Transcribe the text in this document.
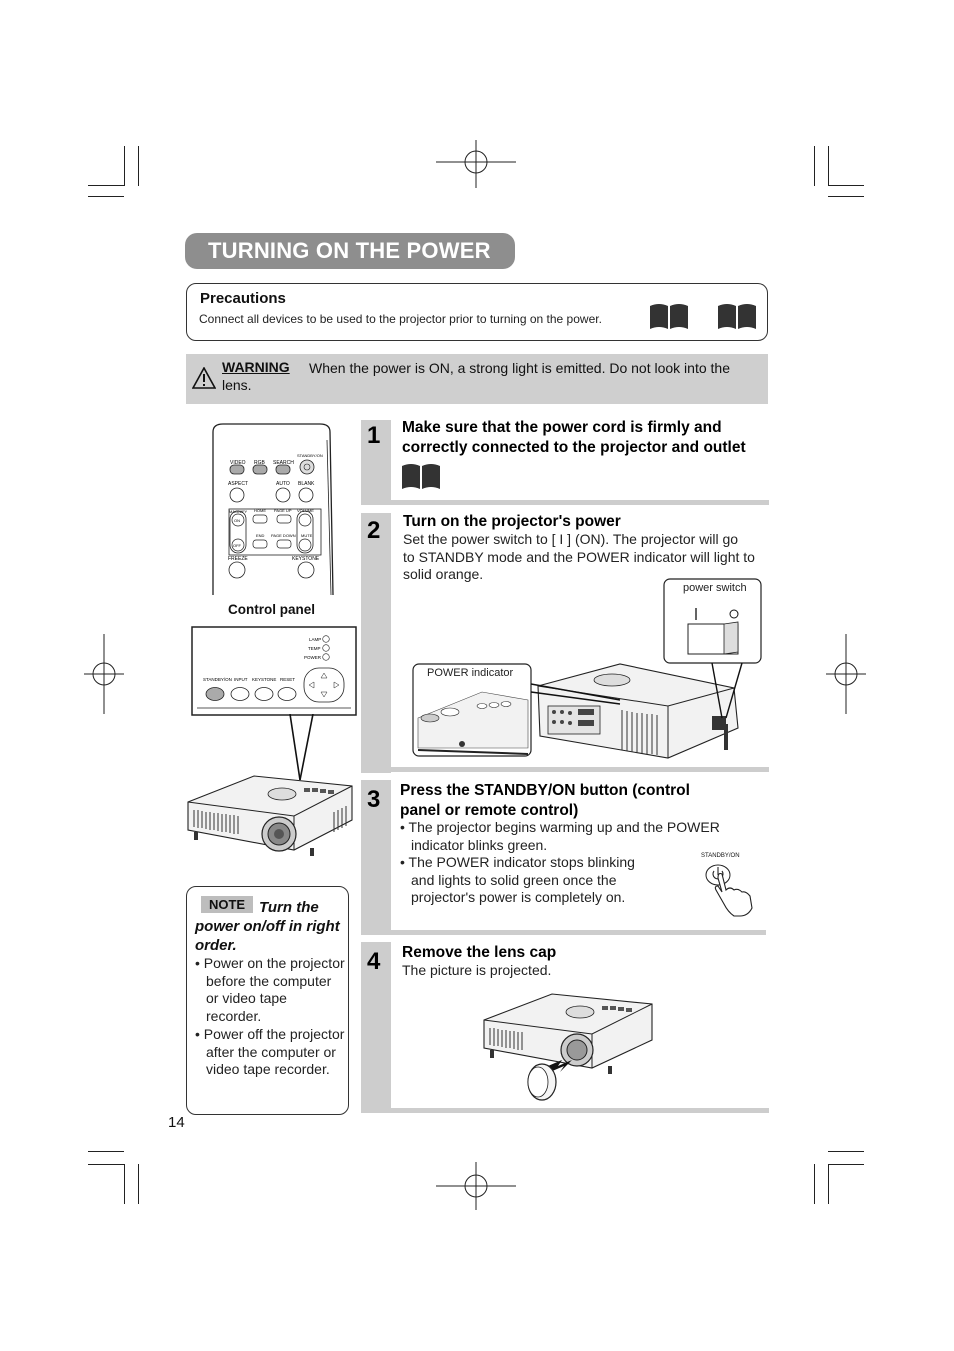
TURNING ON THE POWER
Precautions
Connect all devices to be used to the projector prior to turning on the power.
WARNING When the power is ON, a strong light is emitted. Do not look into the
lens.
VIDEO RGB SEARCH
STANDBY/ON
ASPECT	AUTO BLANK
MAGNIFY HOME PAGE UP VOLUME
ON
OFF
END PAGE DOWN MUTE
FREEZE	KEYSTONE
Control panel
LAMP
TEMP
POWER
STANDBY/ON INPUT KEYSTONE RESET
Turn the power on/off in right order.
NOTE
• Power on the projector before the computer or video tape recorder.
• Power off the projector after the computer or video tape recorder.
14
1 Make sure that the power cord is firmly and
correctly connected to the projector and outlet
2 Turn on the projector's power
Set the power switch to [ I ] (ON). The projector will go
to STANDBY mode and the POWER indicator will light to
solid orange.
POWER indicator
power switch
3 Press the STANDBY/ON button (control
panel or remote control)
• The projector begins warming up and the POWER
indicator blinks green.
• The POWER indicator stops blinking
and lights to solid green once the
projector's power is completely on.
STANDBY/ON
4 Remove the lens cap
The picture is projected.
